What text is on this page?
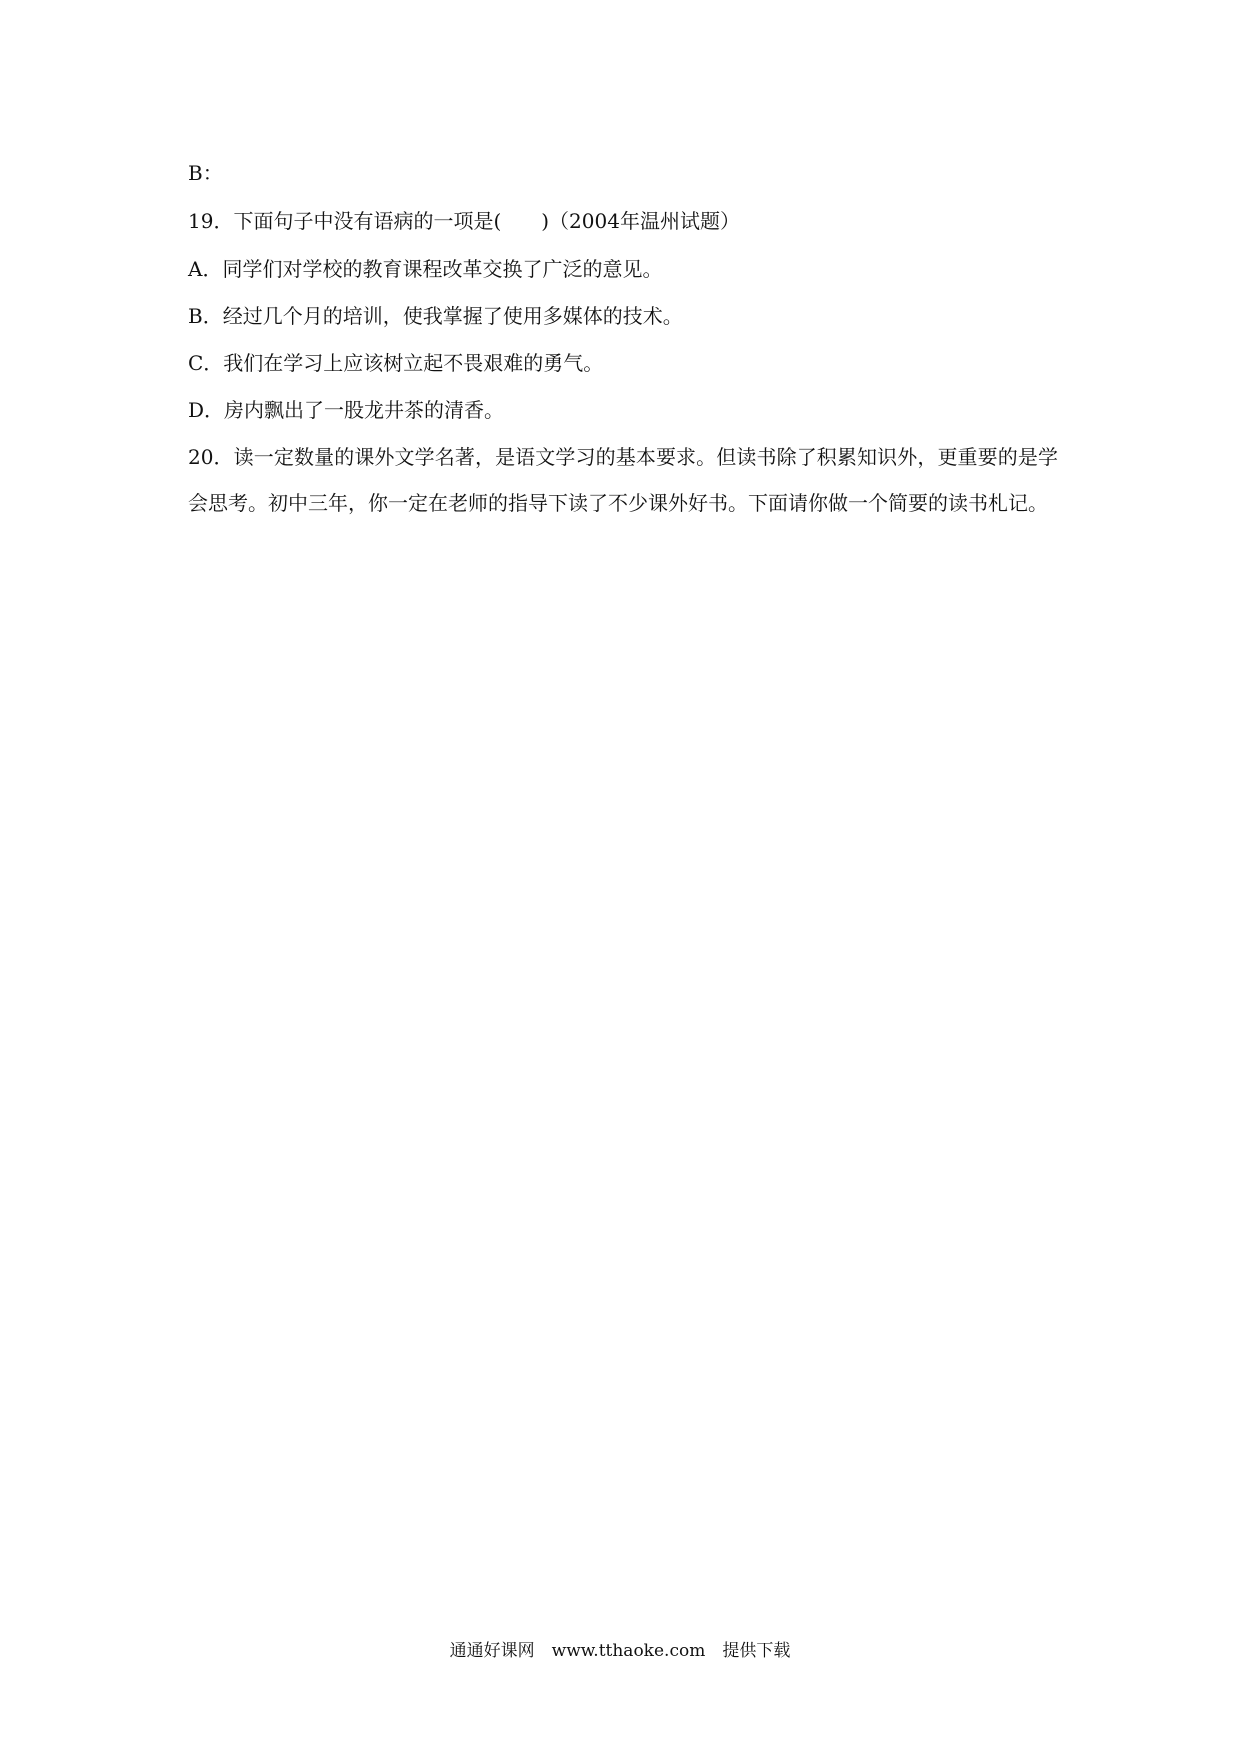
B：

19．下面句子中没有语病的一项是(　　)（2004年温州试题）

A．同学们对学校的教育课程改革交换了广泛的意见。

B．经过几个月的培训，使我掌握了使用多媒体的技术。

C．我们在学习上应该树立起不畏艰难的勇气。

D．房内飘出了一股龙井茶的清香。

20．读一定数量的课外文学名著，是语文学习的基本要求。但读书除了积累知识外，更重要的是学会思考。初中三年，你一定在老师的指导下读了不少课外好书。下面请你做一个简要的读书札记。

通通好课网　www.tthaoke.com　提供下载
